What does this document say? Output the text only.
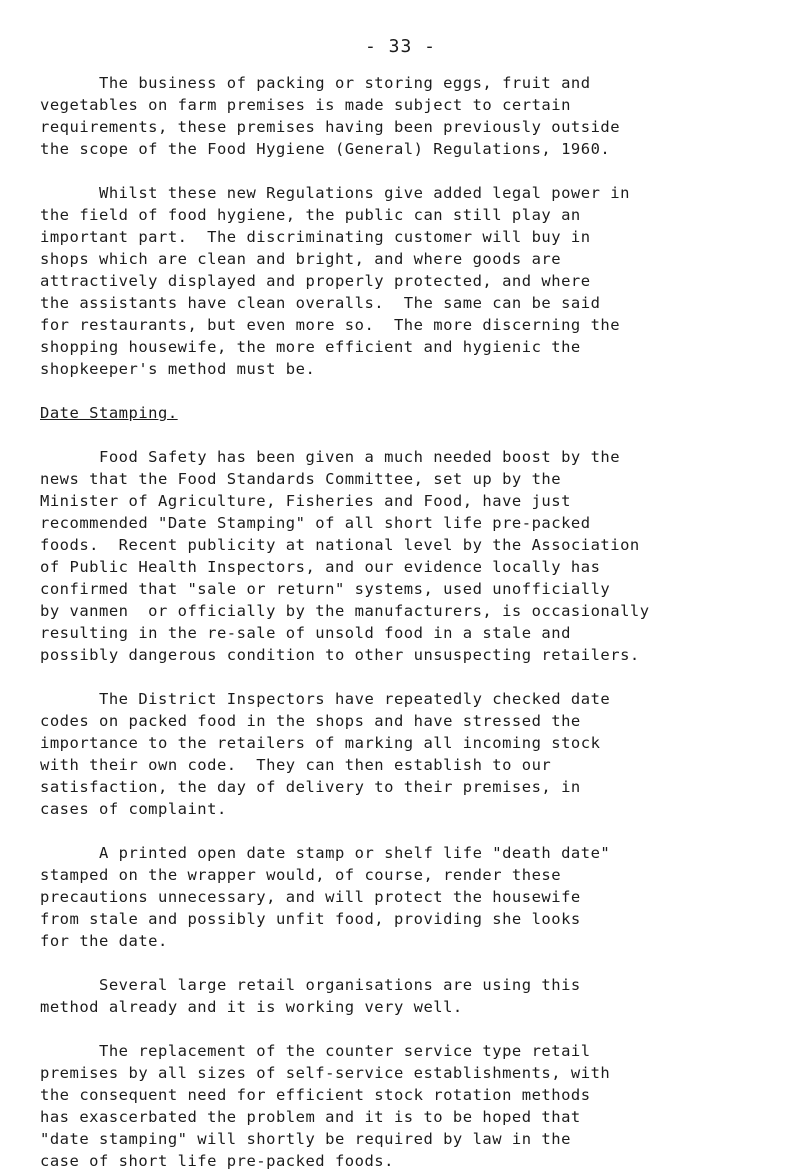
- 33 -

The business of packing or storing eggs, fruit and

vegetables on farm premises is made subject to certain

requirements, these premises having been previously outside

the scope of the Food Hygiene (General) Regulations, 1960.

Whilst these new Regulations give added legal power in

the field of food hygiene, the public can still play an

important part.  The discriminating customer will buy in

shops which are clean and bright, and where goods are

attractively displayed and properly protected, and where

the assistants have clean overalls.  The same can be said

for restaurants, but even more so.  The more discerning the

shopping housewife, the more efficient and hygienic the

shopkeeper's method must be.

Date Stamping.

Food Safety has been given a much needed boost by the

news that the Food Standards Committee, set up by the

Minister of Agriculture, Fisheries and Food, have just

recommended "Date Stamping" of all short life pre-packed

foods.  Recent publicity at national level by the Association

of Public Health Inspectors, and our evidence locally has

confirmed that "sale or return" systems, used unofficially

by vanmen  or officially by the manufacturers, is occasionally

resulting in the re-sale of unsold food in a stale and

possibly dangerous condition to other unsuspecting retailers.

The District Inspectors have repeatedly checked date

codes on packed food in the shops and have stressed the

importance to the retailers of marking all incoming stock

with their own code.  They can then establish to our

satisfaction, the day of delivery to their premises, in

cases of complaint.

A printed open date stamp or shelf life "death date"

stamped on the wrapper would, of course, render these

precautions unnecessary, and will protect the housewife

from stale and possibly unfit food, providing she looks

for the date.

Several large retail organisations are using this

method already and it is working very well.

The replacement of the counter service type retail

premises by all sizes of self-service establishments, with

the consequent need for efficient stock rotation methods

has exascerbated the problem and it is to be hoped that

"date stamping" will shortly be required by law in the

case of short life pre-packed foods.
